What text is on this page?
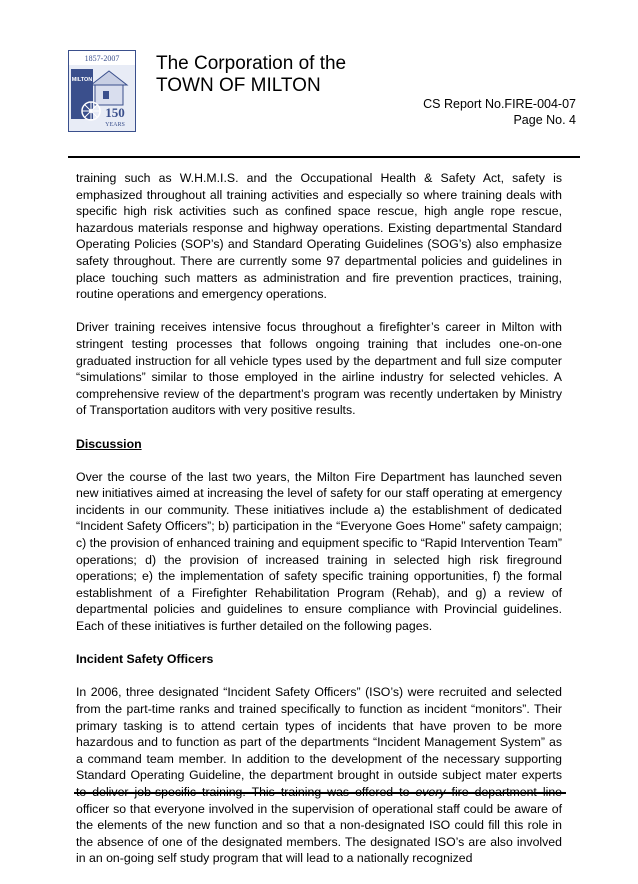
1857-2007
MILTON
150
YEARS
The Corporation of the
TOWN OF MILTON
CS Report No.FIRE-004-07
Page No. 4

training such as W.H.M.I.S. and the Occupational Health & Safety Act, safety is emphasized throughout all training activities and especially so where training deals with specific high risk activities such as confined space rescue, high angle rope rescue, hazardous materials response and highway operations. Existing departmental Standard Operating Policies (SOP’s) and Standard Operating Guidelines (SOG’s) also emphasize safety throughout. There are currently some 97 departmental policies and guidelines in place touching such matters as administration and fire prevention practices, training, routine operations and emergency operations.

Driver training receives intensive focus throughout a firefighter’s career in Milton with stringent testing processes that follows ongoing training that includes one-on-one graduated instruction for all vehicle types used by the department and full size computer “simulations” similar to those employed in the airline industry for selected vehicles. A comprehensive review of the department’s program was recently undertaken by Ministry of Transportation auditors with very positive results.

Discussion

Over the course of the last two years, the Milton Fire Department has launched seven new initiatives aimed at increasing the level of safety for our staff operating at emergency incidents in our community. These initiatives include a) the establishment of dedicated “Incident Safety Officers”; b) participation in the “Everyone Goes Home” safety campaign; c) the provision of enhanced training and equipment specific to “Rapid Intervention Team” operations; d) the provision of increased training in selected high risk fireground operations; e) the implementation of safety specific training opportunities, f) the formal establishment of a Firefighter Rehabilitation Program (Rehab), and g) a review of departmental policies and guidelines to ensure compliance with Provincial guidelines. Each of these initiatives is further detailed on the following pages.

Incident Safety Officers

In 2006, three designated “Incident Safety Officers” (ISO’s) were recruited and selected from the part-time ranks and trained specifically to function as incident “monitors”. Their primary tasking is to attend certain types of incidents that have proven to be more hazardous and to function as part of the departments “Incident Management System” as a command team member. In addition to the development of the necessary supporting Standard Operating Guideline, the department brought in outside subject mater experts officer so that everyone involved in the supervision of operational staff could be aware of the elements of the new function and so that a non-designated ISO could fill this role in the absence of one of the designated members. The designated ISO’s are also involved in an on-going self study program that will lead to a nationally recognized
